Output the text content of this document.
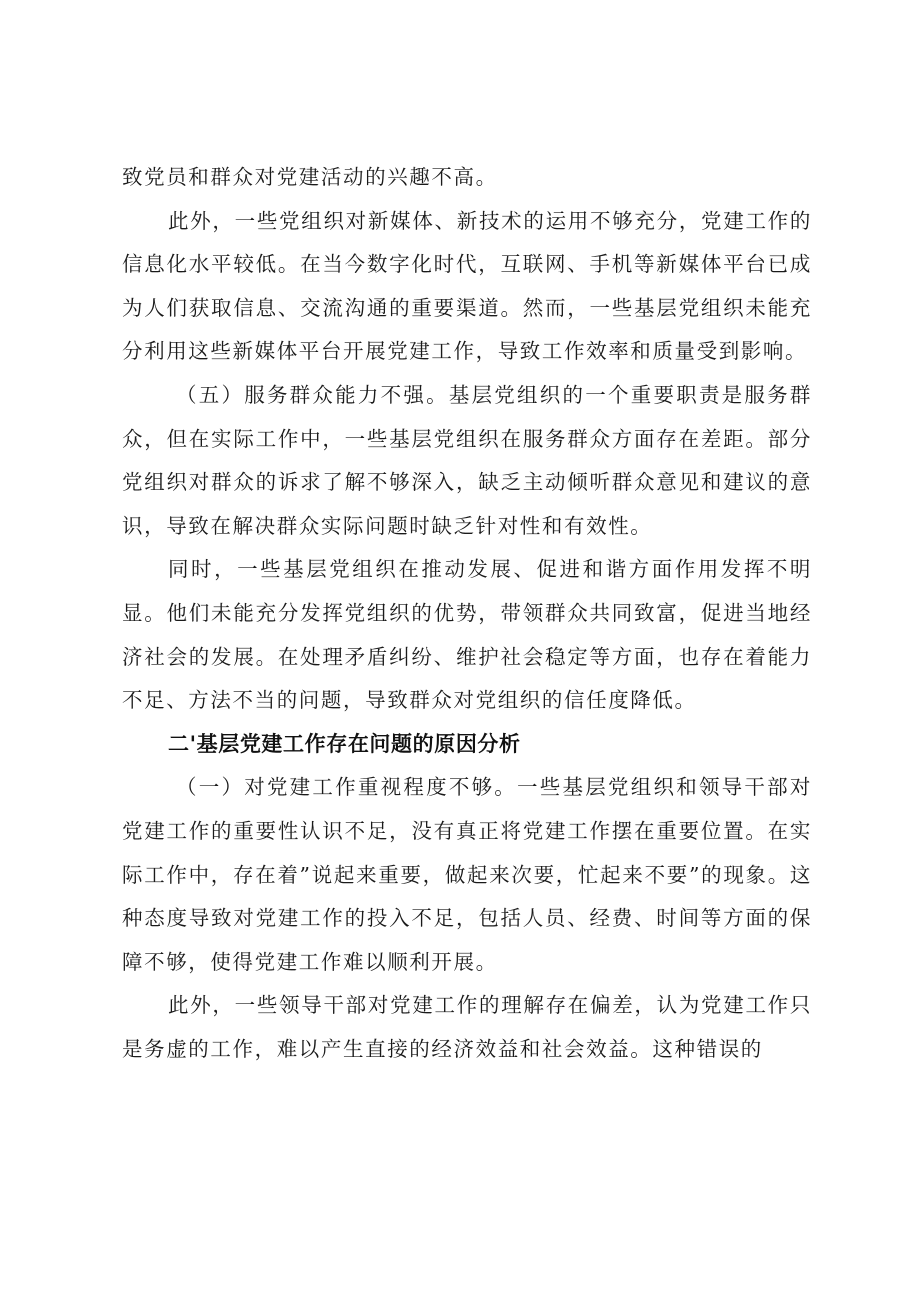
致党员和群众对党建活动的兴趣不高。

此外，一些党组织对新媒体、新技术的运用不够充分，党建工作的信息化水平较低。在当今数字化时代，互联网、手机等新媒体平台已成为人们获取信息、交流沟通的重要渠道。然而，一些基层党组织未能充分利用这些新媒体平台开展党建工作，导致工作效率和质量受到影响。

（五）服务群众能力不强。基层党组织的一个重要职责是服务群众，但在实际工作中，一些基层党组织在服务群众方面存在差距。部分党组织对群众的诉求了解不够深入，缺乏主动倾听群众意见和建议的意识，导致在解决群众实际问题时缺乏针对性和有效性。

同时，一些基层党组织在推动发展、促进和谐方面作用发挥不明显。他们未能充分发挥党组织的优势，带领群众共同致富，促进当地经济社会的发展。在处理矛盾纠纷、维护社会稳定等方面，也存在着能力不足、方法不当的问题，导致群众对党组织的信任度降低。

二'基层党建工作存在问题的原因分析

（一）对党建工作重视程度不够。一些基层党组织和领导干部对党建工作的重要性认识不足，没有真正将党建工作摆在重要位置。在实际工作中，存在着”说起来重要，做起来次要，忙起来不要”的现象。这种态度导致对党建工作的投入不足，包括人员、经费、时间等方面的保障不够，使得党建工作难以顺利开展。

此外，一些领导干部对党建工作的理解存在偏差，认为党建工作只是务虚的工作，难以产生直接的经济效益和社会效益。这种错误的
